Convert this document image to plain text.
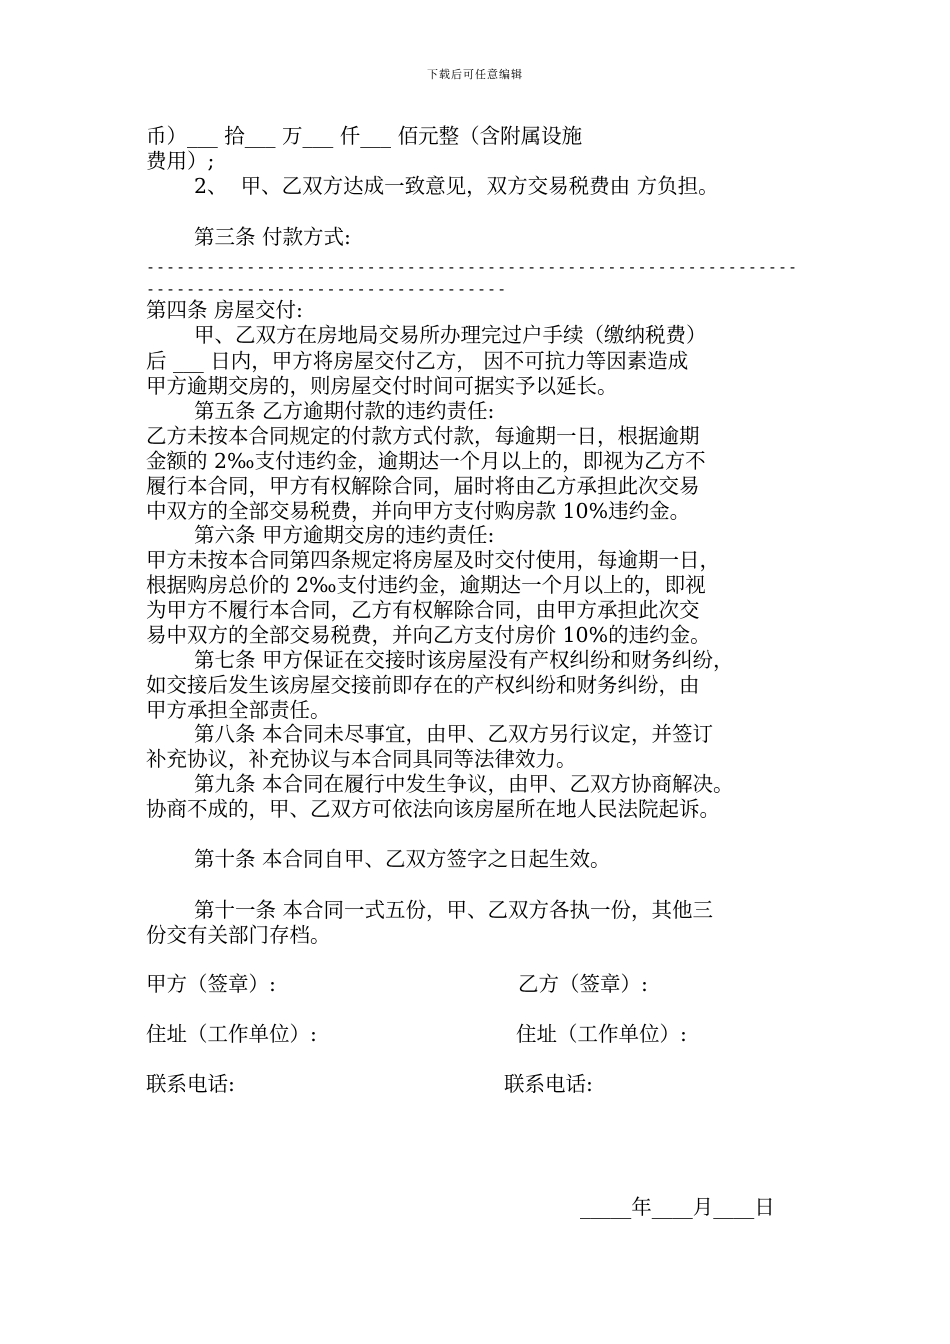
下载后可任意编辑
币）___ 拾___ 万___ 仟___ 佰元整（含附属设施
费用）;
2、  甲、乙双方达成一致意见，双方交易税费由 方负担。
第三条 付款方式:
-----------------------------------------------------------------
------------------------------------
第四条 房屋交付:
甲、乙双方在房地局交易所办理完过户手续（缴纳税费）
后 ___ 日内，甲方将房屋交付乙方， 因不可抗力等因素造成
甲方逾期交房的，则房屋交付时间可据实予以延长。
第五条 乙方逾期付款的违约责任:
乙方未按本合同规定的付款方式付款，每逾期一日，根据逾期
金额的 2‰支付违约金，逾期达一个月以上的，即视为乙方不
履行本合同，甲方有权解除合同，届时将由乙方承担此次交易
中双方的全部交易税费，并向甲方支付购房款 10%违约金。
第六条 甲方逾期交房的违约责任:
甲方未按本合同第四条规定将房屋及时交付使用，每逾期一日，
根据购房总价的 2‰支付违约金，逾期达一个月以上的，即视
为甲方不履行本合同，乙方有权解除合同，由甲方承担此次交
易中双方的全部交易税费，并向乙方支付房价 10%的违约金。
第七条 甲方保证在交接时该房屋没有产权纠纷和财务纠纷，
如交接后发生该房屋交接前即存在的产权纠纷和财务纠纷，由
甲方承担全部责任。
第八条 本合同未尽事宜，由甲、乙双方另行议定，并签订
补充协议，补充协议与本合同具同等法律效力。
第九条 本合同在履行中发生争议，由甲、乙双方协商解决。
协商不成的，甲、乙双方可依法向该房屋所在地人民法院起诉。
第十条 本合同自甲、乙双方签字之日起生效。
第十一条 本合同一式五份，甲、乙双方各执一份，其他三
份交有关部门存档。
甲方（签章）:	乙方（签章）:
住址（工作单位）:	住址（工作单位）:
联系电话:	联系电话:
_____年____月____日
